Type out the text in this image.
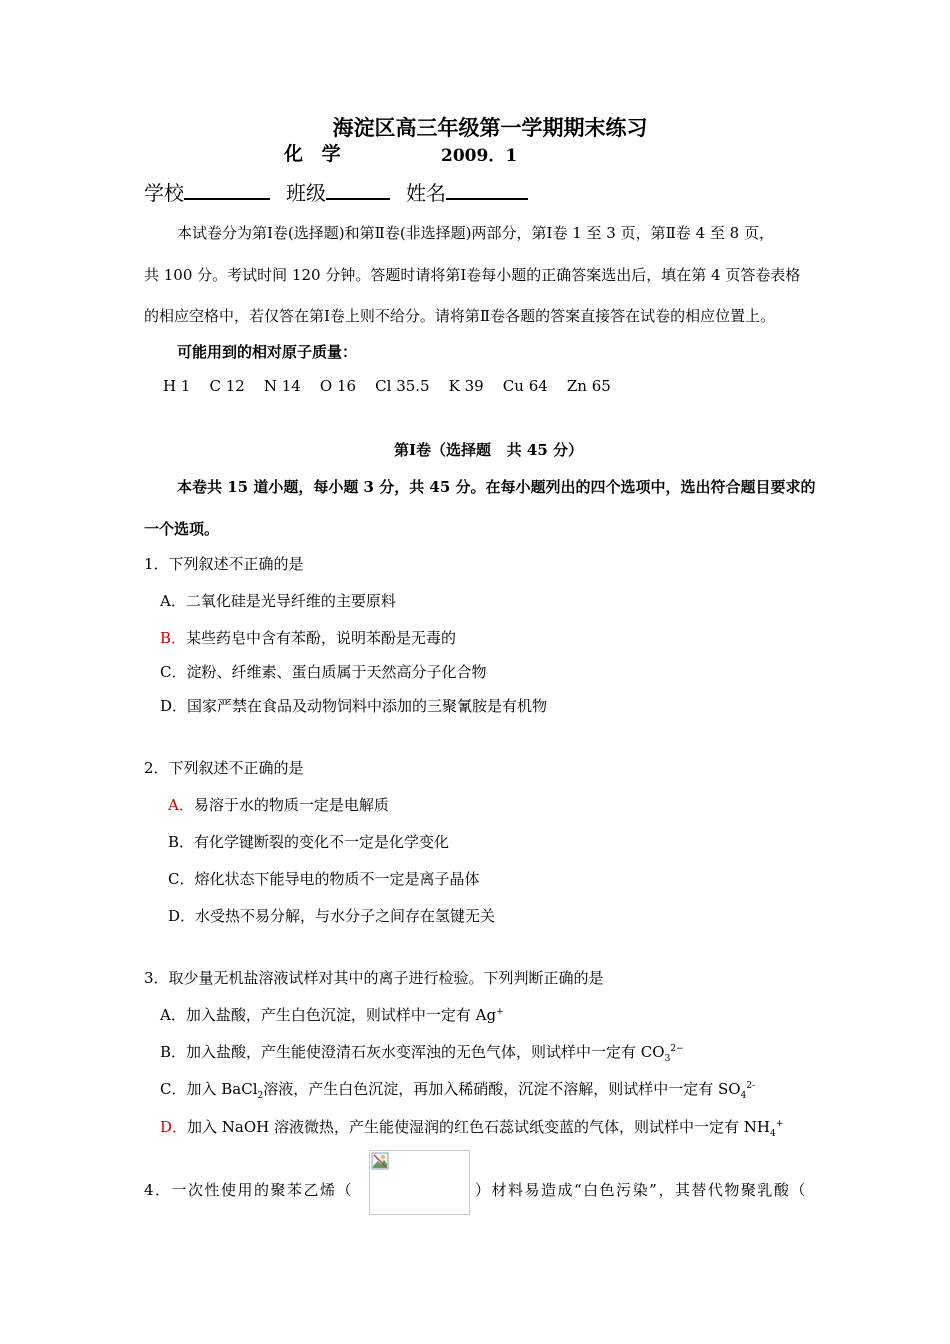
海淀区高三年级第一学期期末练习
化 学	2009．1
学校	班级	姓名
本试卷分为第Ⅰ卷(选择题)和第Ⅱ卷(非选择题)两部分，第Ⅰ卷 1 至 3 页，第Ⅱ卷 4 至 8 页，
共 100 分。考试时间 120 分钟。答题时请将第Ⅰ卷每小题的正确答案选出后，填在第 4 页答卷表格
的相应空格中，若仅答在第Ⅰ卷上则不给分。请将第Ⅱ卷各题的答案直接答在试卷的相应位置上。
可能用到的相对原子质量：
H 1    C 12    N 14    O 16    Cl 35.5    K 39    Cu 64    Zn 65
第Ⅰ卷（选择题   共 45 分）
本卷共 15 道小题，每小题 3 分，共 45 分。在每小题列出的四个选项中，选出符合题目要求的
一个选项。
1．下列叙述不正确的是
A．二氧化硅是光导纤维的主要原料
B．某些药皂中含有苯酚，说明苯酚是无毒的
C．淀粉、纤维素、蛋白质属于天然高分子化合物
D．国家严禁在食品及动物饲料中添加的三聚氰胺是有机物
2．下列叙述不正确的是
A．易溶于水的物质一定是电解质
B．有化学键断裂的变化不一定是化学变化
C．熔化状态下能导电的物质不一定是离子晶体
D．水受热不易分解，与水分子之间存在氢键无关
3．取少量无机盐溶液试样对其中的离子进行检验。下列判断正确的是
A．加入盐酸，产生白色沉淀，则试样中一定有 Ag+
B．加入盐酸，产生能使澄清石灰水变浑浊的无色气体，则试样中一定有 $CO_3^{2-}$
C．加入 BaCl$_2$溶液，产生白色沉淀，再加入稀硝酸，沉淀不溶解，则试样中一定有 $SO_4^{2-}$
D．加入 NaOH 溶液微热，产生能使湿润的红色石蕊试纸变蓝的气体，则试样中一定有 $NH_4^+$
4．一次性使用的聚苯乙烯（	）材料易造成“白色污染”，其替代物聚乳酸（
